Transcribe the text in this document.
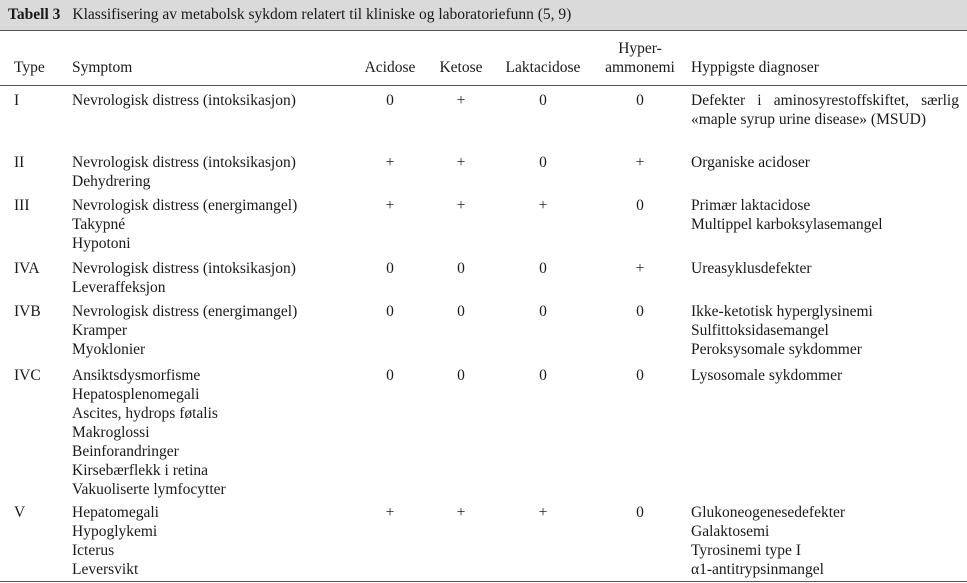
Tabell 3 Klassifisering av metabolsk sykdom relatert til kliniske og laboratoriefunn (5, 9)
Type Symptom	Acidose	Ketose	Laktacidose
Hyper-
ammonemi	Hyppigste diagnoser
I	Nevrologisk distress (intoksikasjon)	0	+	0	0	Defekter i aminosyrestoffskiftet, særlig «maple syrup urine disease» (MSUD)
II	Nevrologisk distress (intoksikasjon)
Dehydrering
+	+	0	+	Organiske acidoser
III	Nevrologisk distress (energimangel)
Takypné
Hypotoni
+	+	+	0	Primær laktacidose
Multippel karboksylasemangel
IVA Nevrologisk distress (intoksikasjon)
Leveraffeksjon
0	0	0	+	Ureasyklusdefekter
IVB Nevrologisk distress (energimangel)
Kramper
Myoklonier
0	0	0	0	Ikke-ketotisk hyperglysinemi
Sulfittoksidasemangel
Peroksysomale sykdommer
IVC Ansiktsdysmorfisme
Hepatosplenomegali
Ascites, hydrops føtalis
Makroglossi
Beinforandringer
Kirsebærflekk i retina
Vakuoliserte lymfocytter
0	0	0	0	Lysosomale sykdommer
V	Hepatomegali
Hypoglykemi
Icterus
Leversvikt
+	+	+	0	Glukoneogenesedefekter
Galaktosemi
Tyrosinemi type I
α1-antitrypsinmangel
